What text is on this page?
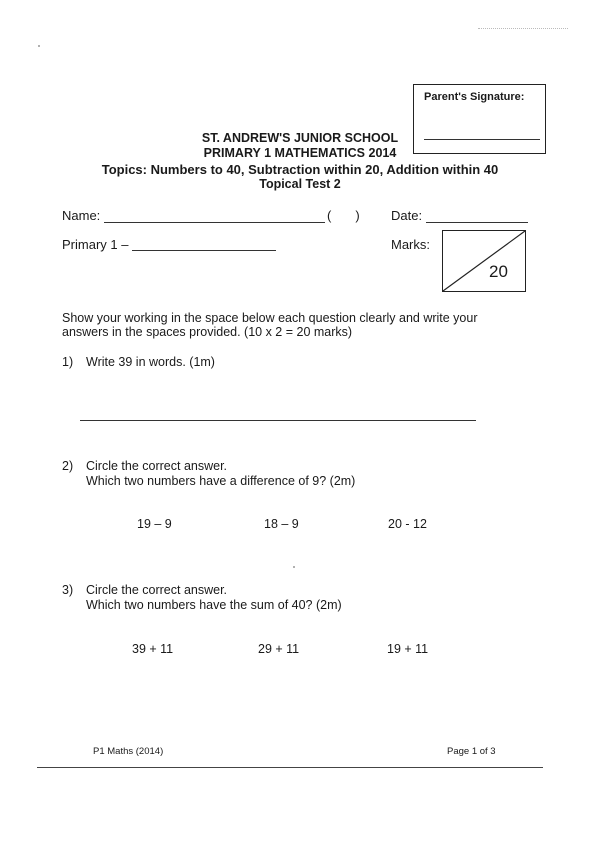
Parent's Signature:
ST. ANDREW'S JUNIOR SCHOOL
PRIMARY 1 MATHEMATICS 2014
Topics: Numbers to 40, Subtraction within 20, Addition within 40
Topical Test 2
Name:	( ) Date:
Primary 1 –	Marks:
20
Show your working in the space below each question clearly and write your
answers in the spaces provided. (10 x 2 = 20 marks)
1) Write 39 in words. (1m)
2) Circle the correct answer.
Which two numbers have a difference of 9? (2m)
19 – 9	18 – 9	20 - 12
3) Circle the correct answer.
Which two numbers have the sum of 40? (2m)
39 + 11	29 + 11	19 + 11
P1 Maths (2014)	Page 1 of 3
